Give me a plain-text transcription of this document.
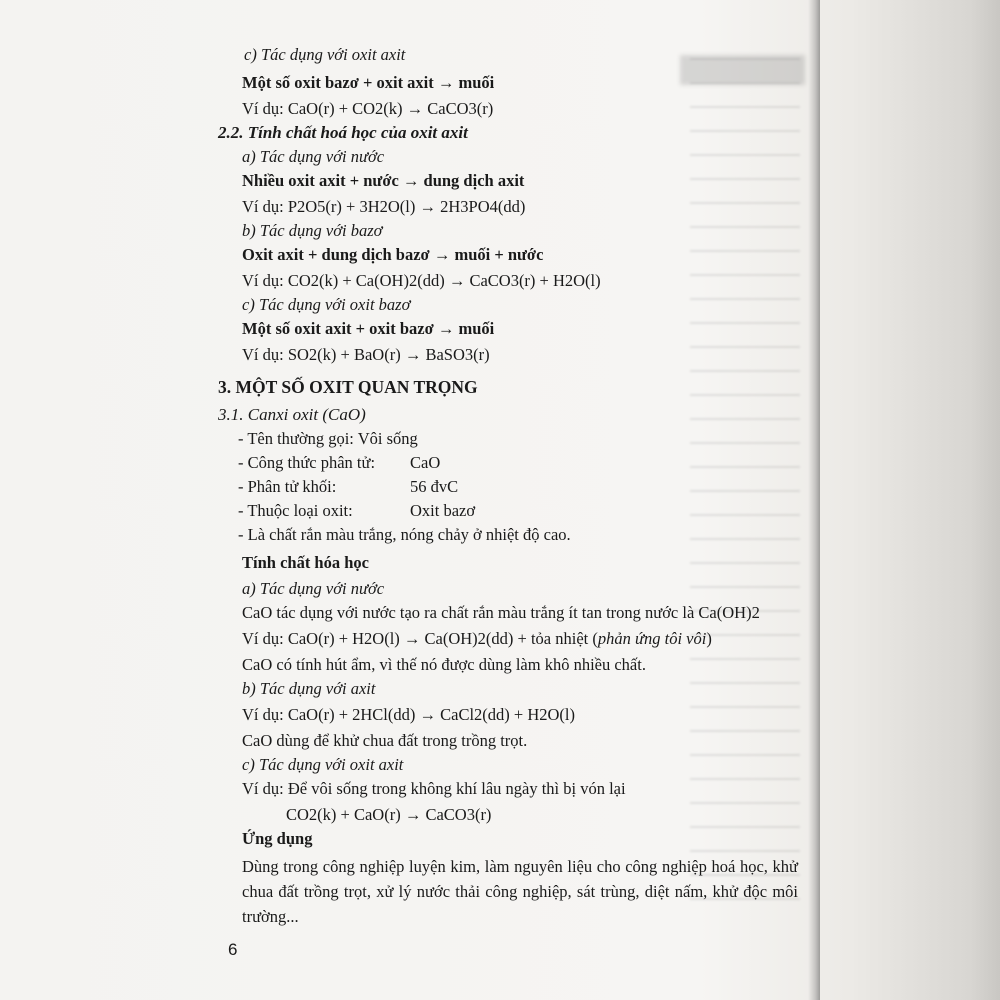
c) Tác dụng với oxit axit
Một số oxit bazơ + oxit axit → muối
Ví dụ: CaO(r) + CO2(k) → CaCO3(r)
2.2. Tính chất hoá học của oxit axit
a) Tác dụng với nước
Nhiều oxit axit + nước → dung dịch axit
Ví dụ: P2O5(r) + 3H2O(l) → 2H3PO4(dd)
b) Tác dụng với bazơ
Oxit axit + dung dịch bazơ → muối + nước
Ví dụ: CO2(k) + Ca(OH)2(dd) → CaCO3(r) + H2O(l)
c) Tác dụng với oxit bazơ
Một số oxit axit + oxit bazơ → muối
Ví dụ: SO2(k) + BaO(r) → BaSO3(r)
3. MỘT SỐ OXIT QUAN TRỌNG
3.1. Canxi oxit (CaO)
- Tên thường gọi: Vôi sống
- Công thức phân tử: CaO
- Phân tử khối:	56 đvC
- Thuộc loại oxit:	Oxit bazơ
- Là chất rắn màu trắng, nóng chảy ở nhiệt độ cao.
Tính chất hóa học
a) Tác dụng với nước
CaO tác dụng với nước tạo ra chất rắn màu trắng ít tan trong nước là Ca(OH)2
Ví dụ: CaO(r) + H2O(l) → Ca(OH)2(dd) + tỏa nhiệt (phản ứng tôi vôi)
CaO có tính hút ẩm, vì thế nó được dùng làm khô nhiều chất.
b) Tác dụng với axit
Ví dụ: CaO(r) + 2HCl(dd) → CaCl2(dd) + H2O(l)
CaO dùng để khử chua đất trong trồng trọt.
c) Tác dụng với oxit axit
Ví dụ: Để vôi sống trong không khí lâu ngày thì bị vón lại
CO2(k) + CaO(r) → CaCO3(r)
Ứng dụng
Dùng trong công nghiệp luyện kim, làm nguyên liệu cho công nghiệp hoá học, khử chua đất trồng trọt, xử lý nước thải công nghiệp, sát trùng, diệt nấm, khử độc môi trường...
6
